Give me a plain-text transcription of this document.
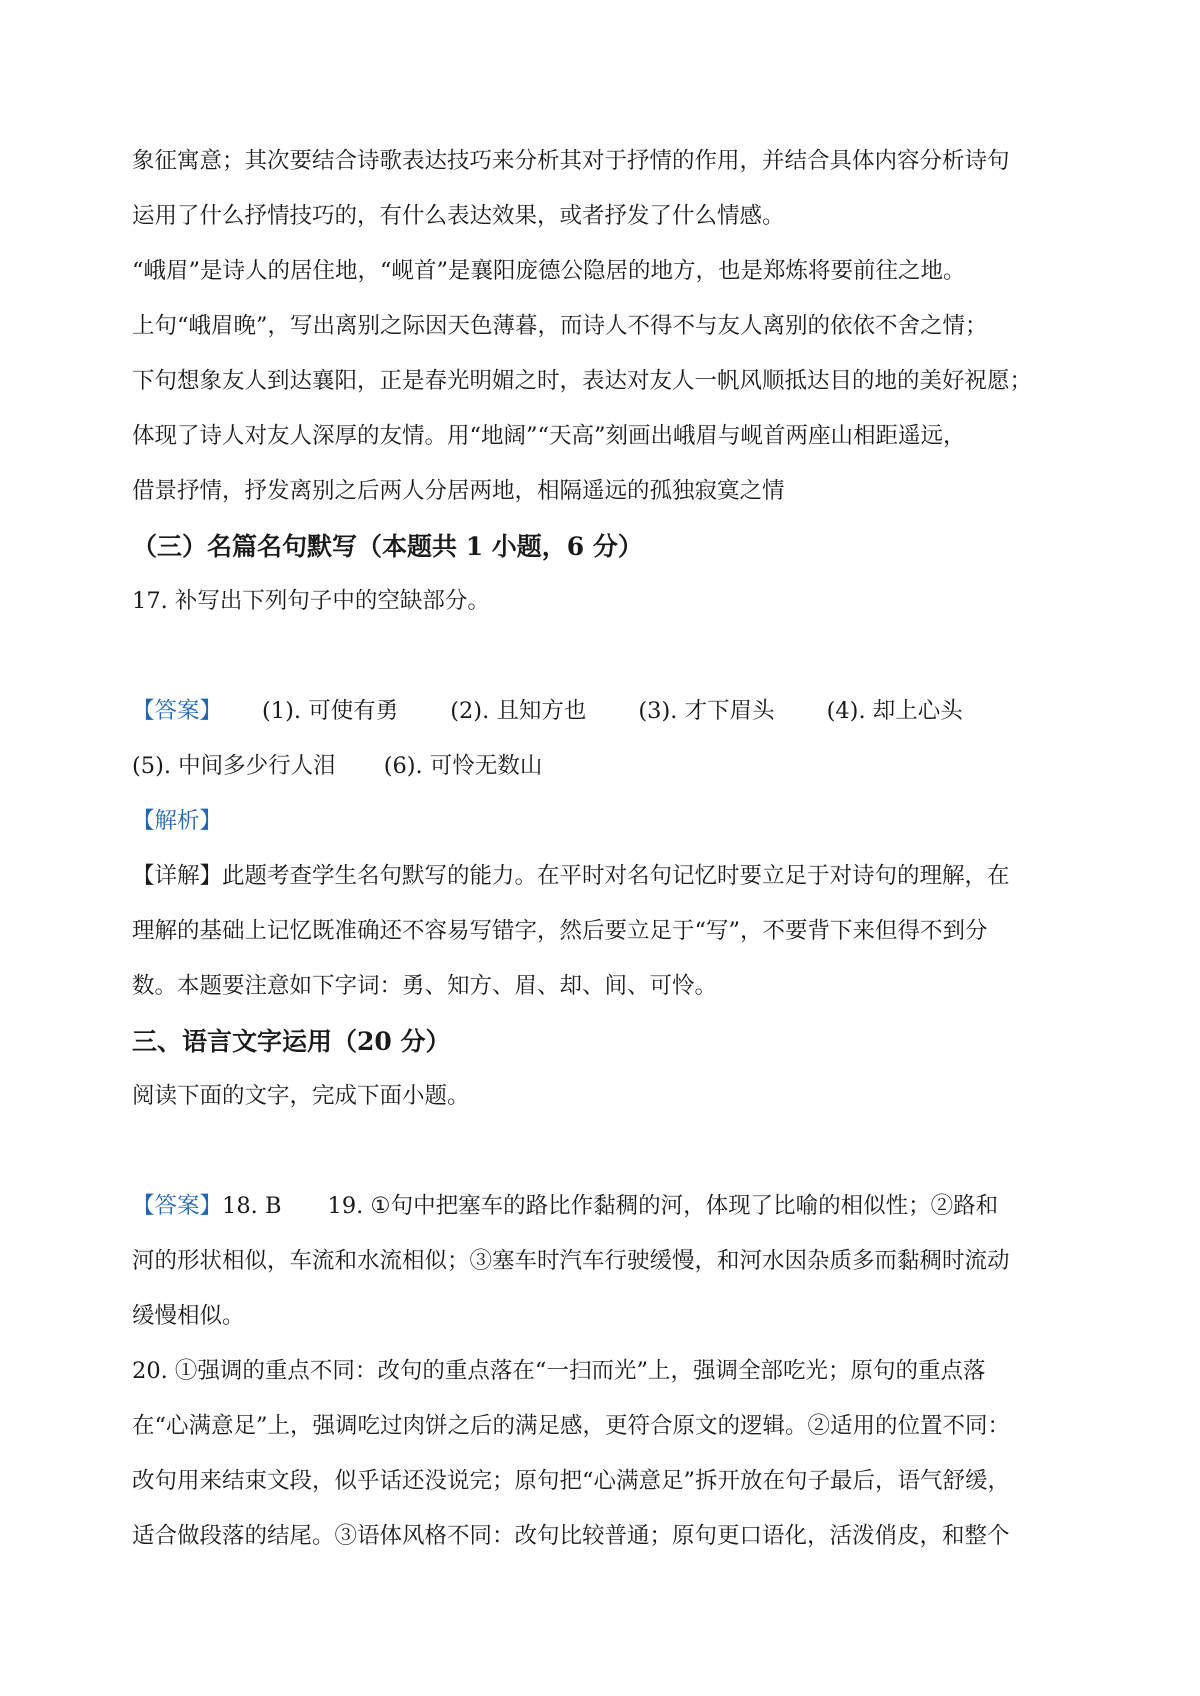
象征寓意；其次要结合诗歌表达技巧来分析其对于抒情的作用，并结合具体内容分析诗句

运用了什么抒情技巧的，有什么表达效果，或者抒发了什么情感。

“峨眉”是诗人的居住地，“岘首”是襄阳庞德公隐居的地方，也是郑炼将要前往之地。

上句“峨眉晚”，写出离别之际因天色薄暮，而诗人不得不与友人离别的依依不舍之情；

下句想象友人到达襄阳，正是春光明媚之时，表达对友人一帆风顺抵达目的地的美好祝愿；

体现了诗人对友人深厚的友情。用“地阔”“天高”刻画出峨眉与岘首两座山相距遥远，

借景抒情，抒发离别之后两人分居两地，相隔遥远的孤独寂寞之情

（三）名篇名句默写（本题共 1 小题，6 分）

17. 补写出下列句子中的空缺部分。

【答案】 (1). 可使有勇 (2). 且知方也 (3). 才下眉头 (4). 却上心头

(5). 中间多少行人泪 (6). 可怜无数山

【解析】

【详解】此题考查学生名句默写的能力。在平时对名句记忆时要立足于对诗句的理解，在

理解的基础上记忆既准确还不容易写错字，然后要立足于“写”，不要背下来但得不到分

数。本题要注意如下字词：勇、知方、眉、却、间、可怜。

三、语言文字运用（20 分）

阅读下面的文字，完成下面小题。

【答案】18. B 19. ①句中把塞车的路比作黏稠的河，体现了比喻的相似性；②路和

河的形状相似，车流和水流相似；③塞车时汽车行驶缓慢，和河水因杂质多而黏稠时流动

缓慢相似。

20. ①强调的重点不同：改句的重点落在“一扫而光”上，强调全部吃光；原句的重点落

在“心满意足”上，强调吃过肉饼之后的满足感，更符合原文的逻辑。②适用的位置不同：

改句用来结束文段，似乎话还没说完；原句把“心满意足”拆开放在句子最后，语气舒缓，

适合做段落的结尾。③语体风格不同：改句比较普通；原句更口语化，活泼俏皮，和整个
